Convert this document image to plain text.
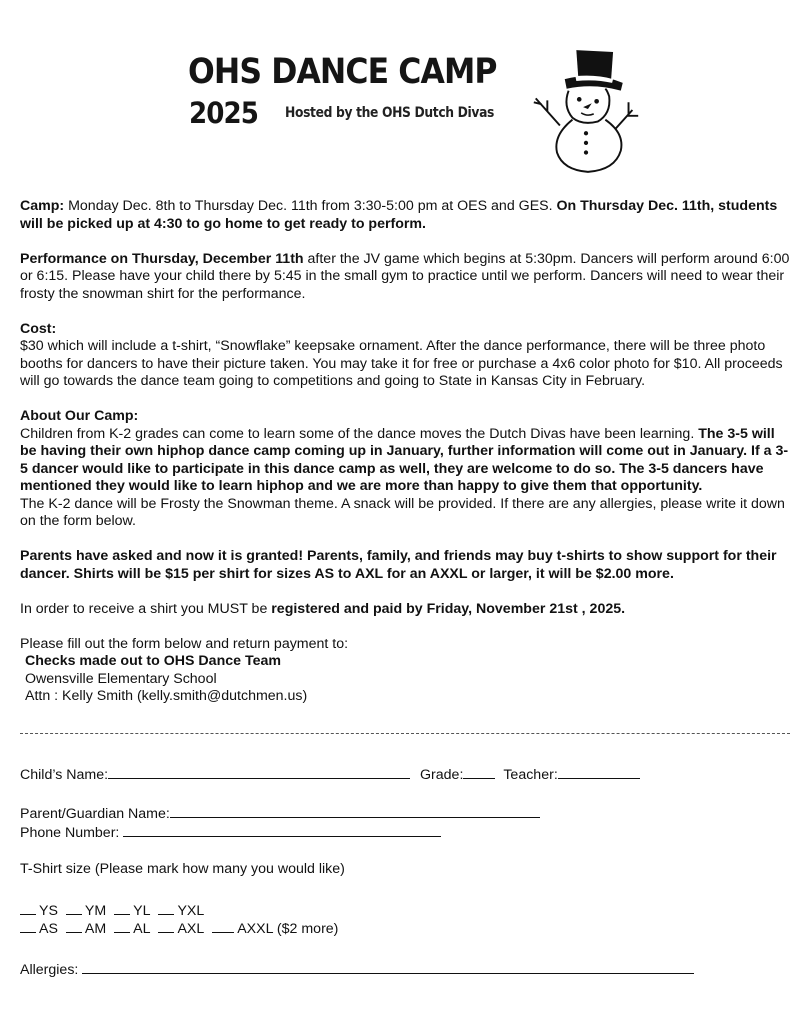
OHS DANCE CAMP
2025 Hosted by the OHS Dutch Divas

Camp: Monday Dec. 8th to Thursday Dec. 11th from 3:30-5:00 pm at OES and GES. On Thursday Dec. 11th, students will be picked up at 4:30 to go home to get ready to perform.

Performance on Thursday, December 11th after the JV game which begins at 5:30pm. Dancers will perform around 6:00 or 6:15. Please have your child there by 5:45 in the small gym to practice until we perform. Dancers will need to wear their frosty the snowman shirt for the performance.

Cost:

$30 which will include a t-shirt, “Snowflake” keepsake ornament. After the dance performance, there will be three photo booths for dancers to have their picture taken. You may take it for free or purchase a 4x6 color photo for $10. All proceeds will go towards the dance team going to competitions and going to State in Kansas City in February.

About Our Camp:

Children from K-2 grades can come to learn some of the dance moves the Dutch Divas have been learning. The 3-5 will be having their own hiphop dance camp coming up in January, further information will come out in January. If a 3-5 dancer would like to participate in this dance camp as well, they are welcome to do so. The 3-5 dancers have mentioned they would like to learn hiphop and we are more than happy to give them that opportunity.

The K-2 dance will be Frosty the Snowman theme. A snack will be provided. If there are any allergies, please write it down on the form below.

Parents have asked and now it is granted! Parents, family, and friends may buy t-shirts to show support for their dancer. Shirts will be $15 per shirt for sizes AS to AXL for an AXXL or larger, it will be $2.00 more.

In order to receive a shirt you MUST be registered and paid by Friday, November 21st , 2025.

Please fill out the form below and return payment to:

Checks made out to OHS Dance Team

Owensville Elementary School

Attn : Kelly Smith (kelly.smith@dutchmen.us)

Child’s Name:	Grade:	Teacher:
Parent/Guardian Name:
Phone Number:
T-Shirt size (Please mark how many you would like)
YS YM YL YXL
AS AM AL AXL AXXL ($2 more)
Allergies:
